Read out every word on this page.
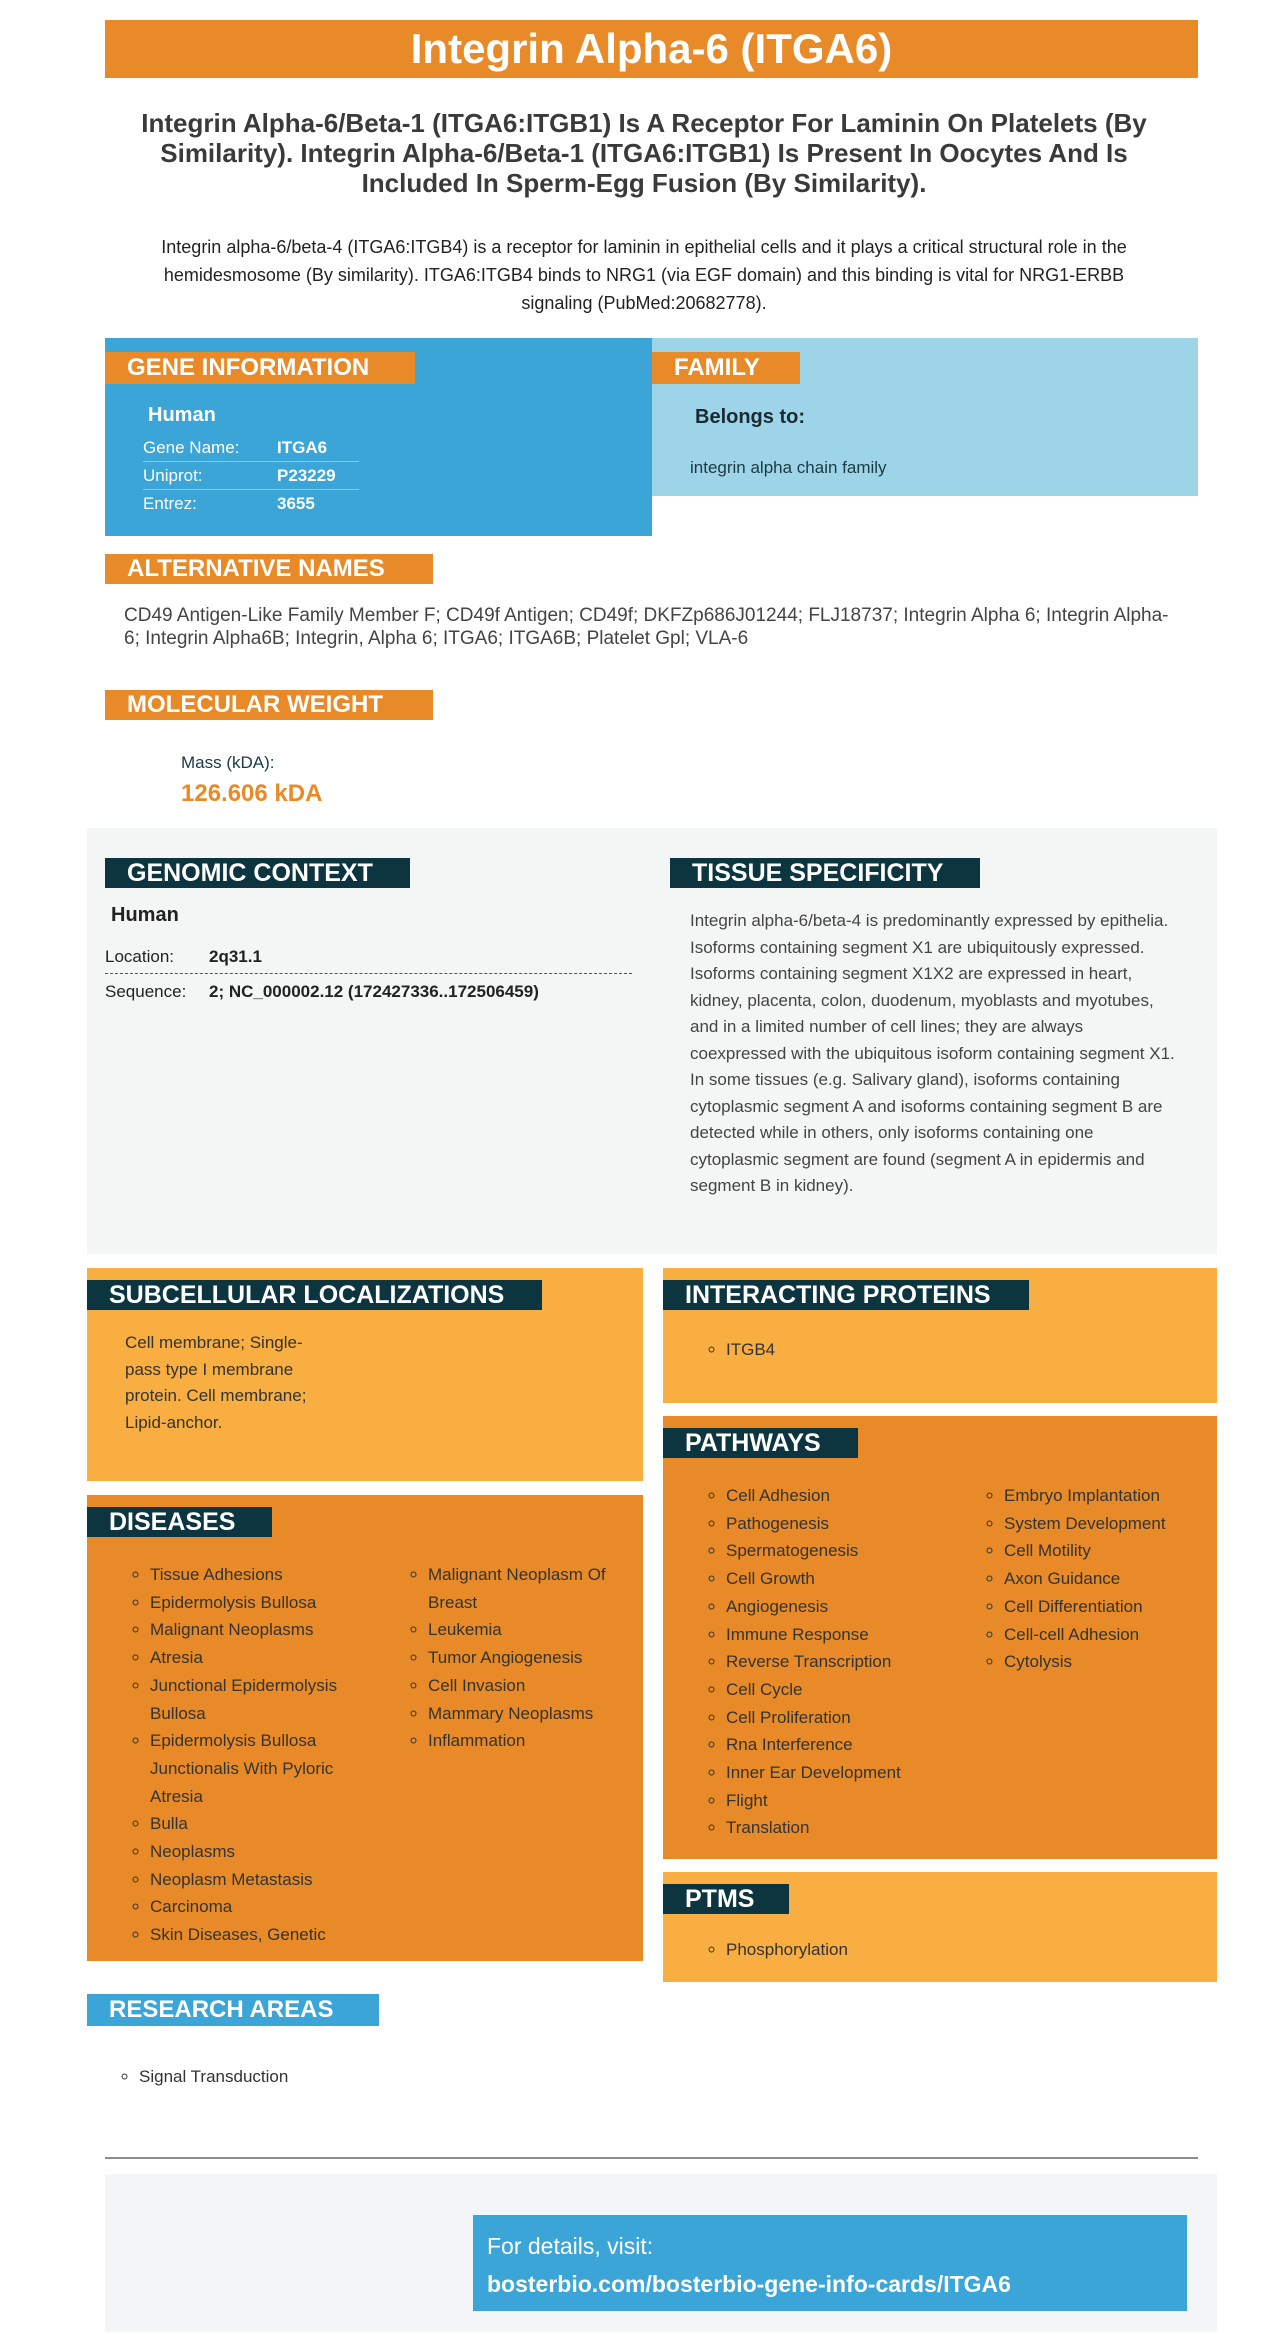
Integrin Alpha-6 (ITGA6)
Integrin Alpha-6/Beta-1 (ITGA6:ITGB1) Is A Receptor For Laminin On Platelets (By Similarity). Integrin Alpha-6/Beta-1 (ITGA6:ITGB1) Is Present In Oocytes And Is Included In Sperm-Egg Fusion (By Similarity).
Integrin alpha-6/beta-4 (ITGA6:ITGB4) is a receptor for laminin in epithelial cells and it plays a critical structural role in the hemidesmosome (By similarity). ITGA6:ITGB4 binds to NRG1 (via EGF domain) and this binding is vital for NRG1-ERBB signaling (PubMed:20682778).
GENE INFORMATION
Human
Gene Name: ITGA6
Uniprot:	P23229
Entrez:	3655
FAMILY
Belongs to:
integrin alpha chain family
ALTERNATIVE NAMES
CD49 Antigen-Like Family Member F; CD49f Antigen; CD49f; DKFZp686J01244; FLJ18737; Integrin Alpha 6; Integrin Alpha-6; Integrin Alpha6B; Integrin, Alpha 6; ITGA6; ITGA6B; Platelet Gpl; VLA-6
MOLECULAR WEIGHT
Mass (kDA):
126.606 kDA
GENOMIC CONTEXT
Human
Location: 2q31.1
Sequence: 2; NC_000002.12 (172427336..172506459)
TISSUE SPECIFICITY
Integrin alpha-6/beta-4 is predominantly expressed by epithelia. Isoforms containing segment X1 are ubiquitously expressed. Isoforms containing segment X1X2 are expressed in heart, kidney, placenta, colon, duodenum, myoblasts and myotubes, and in a limited number of cell lines; they are always coexpressed with the ubiquitous isoform containing segment X1. In some tissues (e.g. Salivary gland), isoforms containing cytoplasmic segment A and isoforms containing segment B are detected while in others, only isoforms containing one cytoplasmic segment are found (segment A in epidermis and segment B in kidney).
SUBCELLULAR LOCALIZATIONS
Cell membrane; Single-pass type I membrane protein. Cell membrane; Lipid-anchor.
INTERACTING PROTEINS
◦ ITGB4
DISEASES
◦ Tissue Adhesions
◦ Epidermolysis Bullosa
◦ Malignant Neoplasms
◦ Atresia
◦ Junctional Epidermolysis Bullosa
◦ Epidermolysis Bullosa Junctionalis With Pyloric Atresia
◦ Bulla
◦ Neoplasms
◦ Neoplasm Metastasis
◦ Carcinoma
◦ Skin Diseases, Genetic
◦ Malignant Neoplasm Of Breast
◦ Leukemia
◦ Tumor Angiogenesis
◦ Cell Invasion
◦ Mammary Neoplasms
◦ Inflammation
PATHWAYS
◦ Cell Adhesion
◦ Pathogenesis
◦ Spermatogenesis
◦ Cell Growth
◦ Angiogenesis
◦ Immune Response
◦ Reverse Transcription
◦ Cell Cycle
◦ Cell Proliferation
◦ Rna Interference
◦ Inner Ear Development
◦ Flight
◦ Translation
◦ Embryo Implantation
◦ System Development
◦ Cell Motility
◦ Axon Guidance
◦ Cell Differentiation
◦ Cell-cell Adhesion
◦ Cytolysis
PTMS
◦ Phosphorylation
RESEARCH AREAS
◦ Signal Transduction
For details, visit:
bosterbio.com/bosterbio-gene-info-cards/ITGA6
